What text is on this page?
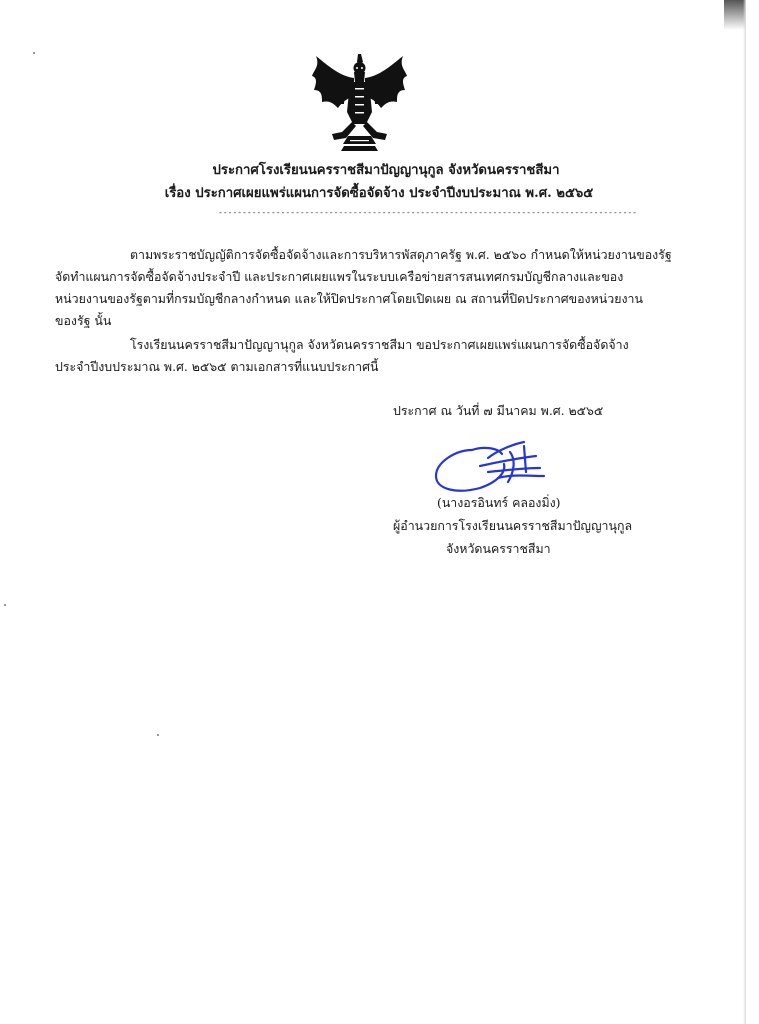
ประกาศโรงเรียนนครราชสีมาปัญญานุกูล จังหวัดนครราชสีมา
เรื่อง ประกาศเผยแพร่แผนการจัดซื้อจัดจ้าง ประจำปีงบประมาณ พ.ศ. ๒๕๖๕
---------------------------------------------------------------------------------------
ตามพระราชบัญญัติการจัดซื้อจัดจ้างและการบริหารพัสดุภาครัฐ พ.ศ. ๒๕๖๐ กำหนดให้หน่วยงานของรัฐ
จัดทำแผนการจัดซื้อจัดจ้างประจำปี และประกาศเผยแพรในระบบเครือข่ายสารสนเทศกรมบัญชีกลางและของ
หน่วยงานของรัฐตามที่กรมบัญชีกลางกำหนด และให้ปิดประกาศโดยเปิดเผย ณ สถานที่ปิดประกาศของหน่วยงาน
ของรัฐ นั้น
โรงเรียนนครราชสีมาปัญญานุกูล จังหวัดนครราชสีมา ขอประกาศเผยแพร่แผนการจัดซื้อจัดจ้าง
ประจำปีงบประมาณ พ.ศ. ๒๕๖๕ ตามเอกสารที่แนบประกาศนี้
ประกาศ ณ วันที่ ๗ มีนาคม พ.ศ. ๒๕๖๕
(นางอรอินทร์ คลองมิ่ง)
ผู้อำนวยการโรงเรียนนครราชสีมาปัญญานุกูล
จังหวัดนครราชสีมา
